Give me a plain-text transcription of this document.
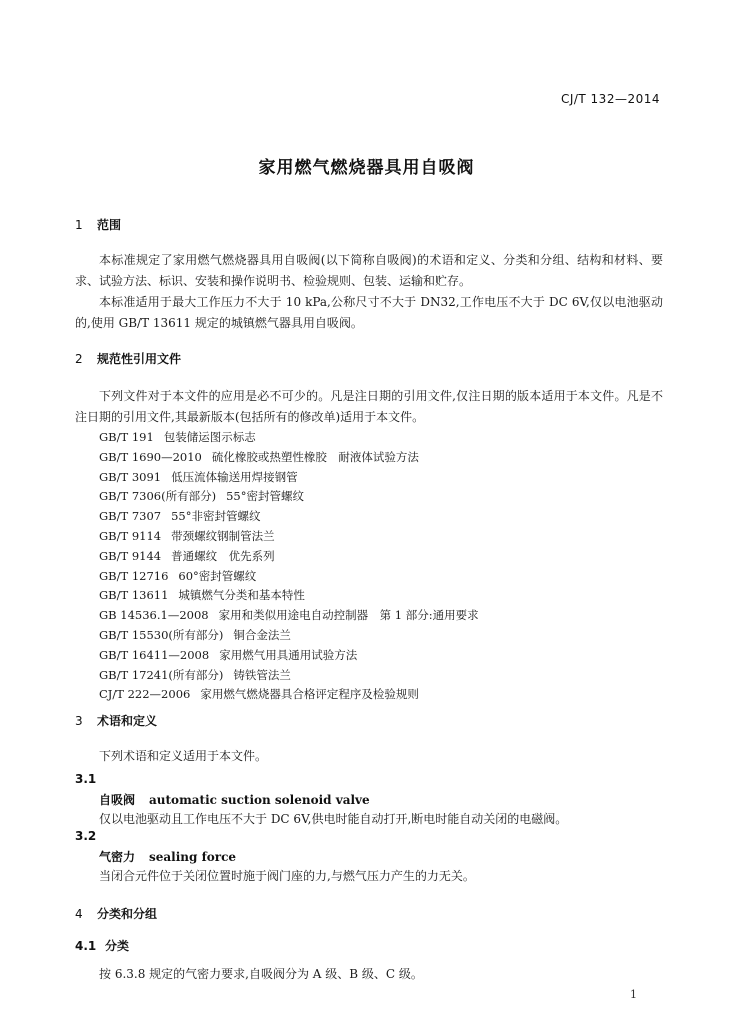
CJ/T 132—2014
家用燃气燃烧器具用自吸阀
1 范围
本标准规定了家用燃气燃烧器具用自吸阀(以下简称自吸阀)的术语和定义、分类和分组、结构和材料、要求、试验方法、标识、安装和操作说明书、检验规则、包装、运输和贮存。
本标准适用于最大工作压力不大于 10 kPa,公称尺寸不大于 DN32,工作电压不大于 DC 6V,仅以电池驱动的,使用 GB/T 13611 规定的城镇燃气器具用自吸阀。
2 规范性引用文件
下列文件对于本文件的应用是必不可少的。凡是注日期的引用文件,仅注日期的版本适用于本文件。凡是不注日期的引用文件,其最新版本(包括所有的修改单)适用于本文件。
GB/T 191 包装储运图示标志
GB/T 1690—2010 硫化橡胶或热塑性橡胶　耐液体试验方法
GB/T 3091 低压流体输送用焊接钢管
GB/T 7306(所有部分) 55°密封管螺纹
GB/T 7307 55°非密封管螺纹
GB/T 9114 带颈螺纹钢制管法兰
GB/T 9144 普通螺纹　优先系列
GB/T 12716 60°密封管螺纹
GB/T 13611 城镇燃气分类和基本特性
GB 14536.1—2008 家用和类似用途电自动控制器　第 1 部分:通用要求
GB/T 15530(所有部分) 铜合金法兰
GB/T 16411—2008 家用燃气用具通用试验方法
GB/T 17241(所有部分) 铸铁管法兰
CJ/T 222—2006 家用燃气燃烧器具合格评定程序及检验规则
3 术语和定义
下列术语和定义适用于本文件。
3.1
自吸阀 automatic suction solenoid valve
仅以电池驱动且工作电压不大于 DC 6V,供电时能自动打开,断电时能自动关闭的电磁阀。
3.2
气密力 sealing force
当闭合元件位于关闭位置时施于阀门座的力,与燃气压力产生的力无关。
4 分类和分组
4.1 分类
按 6.3.8 规定的气密力要求,自吸阀分为 A 级、B 级、C 级。
1
